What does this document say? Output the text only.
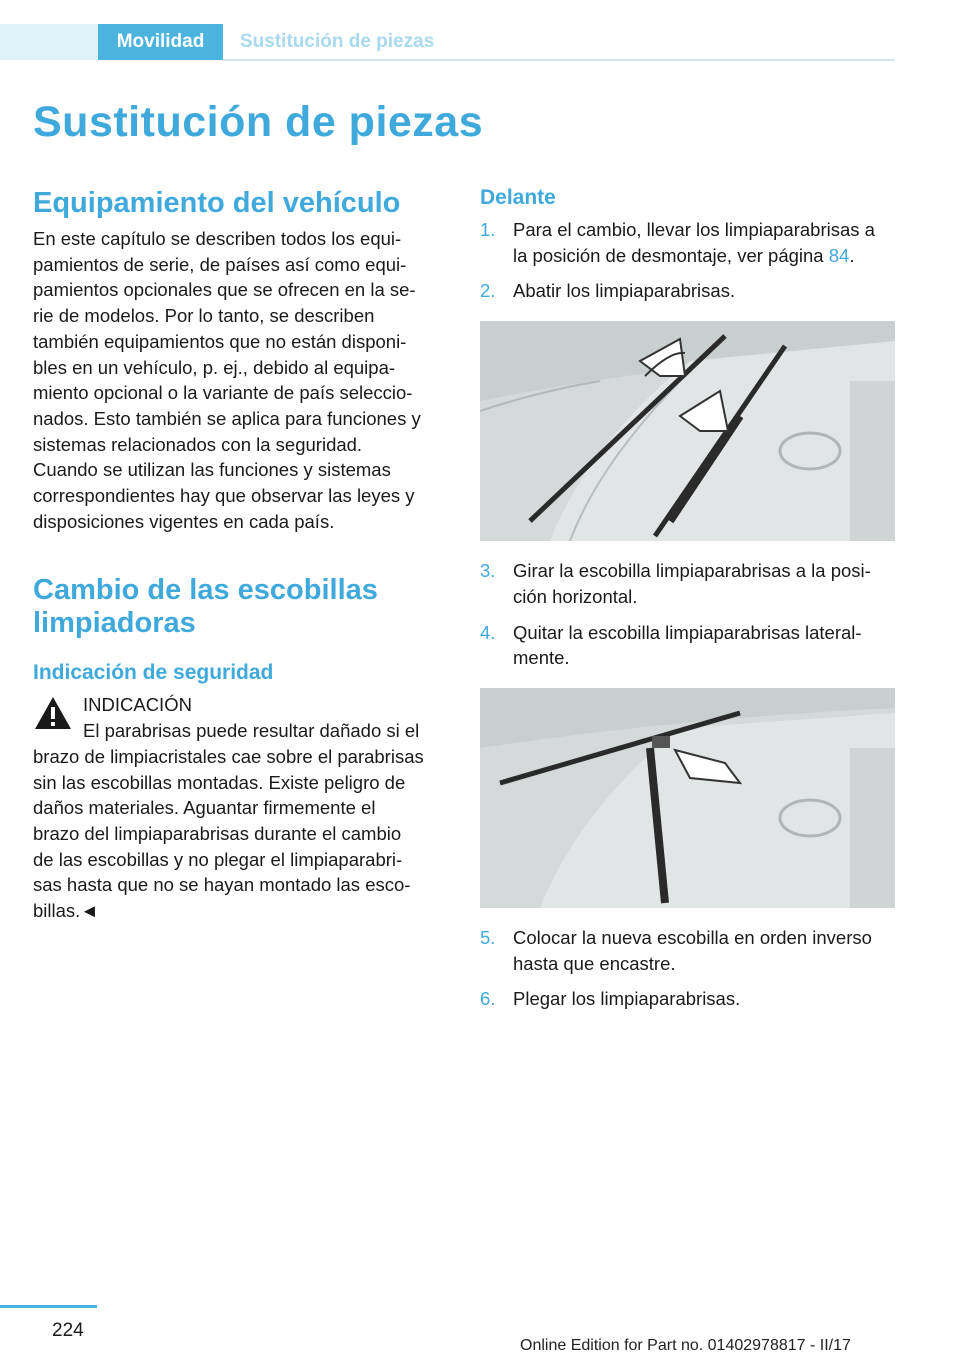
Movilidad	Sustitución de piezas
Sustitución de piezas
Equipamiento del vehículo

En este capítulo se describen todos los equi‐

pamientos de serie, de países así como equi‐

pamientos opcionales que se ofrecen en la se‐

rie de modelos. Por lo tanto, se describen

también equipamientos que no están disponi‐

bles en un vehículo, p. ej., debido al equipa‐

miento opcional o la variante de país seleccio‐

nados. Esto también se aplica para funciones y

sistemas relacionados con la seguridad.

Cuando se utilizan las funciones y sistemas

correspondientes hay que observar las leyes y

disposiciones vigentes en cada país.

Cambio de las escobillas
limpiadoras
Indicación de seguridad

INDICACIÓN

El parabrisas puede resultar dañado si el

brazo de limpiacristales cae sobre el parabrisas

sin las escobillas montadas. Existe peligro de

daños materiales. Aguantar firmemente el

brazo del limpiaparabrisas durante el cambio

de las escobillas y no plegar el limpiaparabri‐

sas hasta que no se hayan montado las esco‐

billas.◄

Delante
1. Para el cambio, llevar los limpiaparabrisas a
la posición de desmontaje, ver página 84.
2. Abatir los limpiaparabrisas.
3. Girar la escobilla limpiaparabrisas a la posi‐
ción horizontal.
4. Quitar la escobilla limpiaparabrisas lateral‐
mente.
5. Colocar la nueva escobilla en orden inverso
hasta que encastre.
6. Plegar los limpiaparabrisas.
224
Online Edition for Part no. 01402978817 - II/17
